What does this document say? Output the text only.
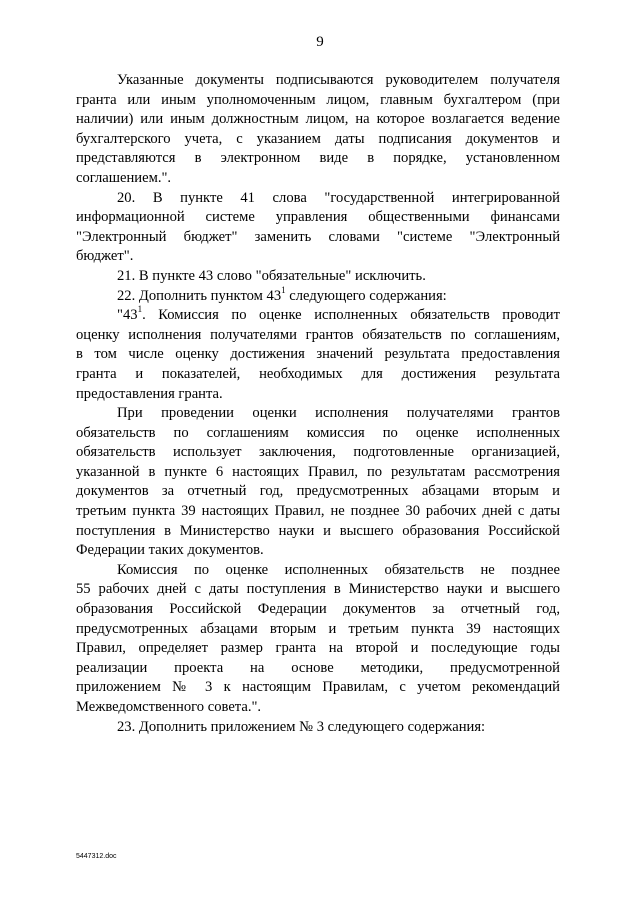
9

Указанные документы подписываются руководителем получателя

гранта или иным уполномоченным лицом, главным бухгалтером (при

наличии) или иным должностным лицом, на которое возлагается ведение

бухгалтерского учета, с указанием даты подписания документов и

представляются в электронном виде в порядке, установленном

соглашением.".

20. В пункте 41 слова "государственной интегрированной

информационной системе управления общественными финансами

"Электронный бюджет" заменить словами "системе "Электронный

бюджет".

21. В пункте 43 слово "обязательные" исключить.

22. Дополнить пунктом $43^1$ следующего содержания:

"$43^1$. Комиссия по оценке исполненных обязательств проводит

оценку исполнения получателями грантов обязательств по соглашениям,

в том числе оценку достижения значений результата предоставления

гранта и показателей, необходимых для достижения результата

предоставления гранта.

При проведении оценки исполнения получателями грантов

обязательств по соглашениям комиссия по оценке исполненных

обязательств использует заключения, подготовленные организацией,

указанной в пункте 6 настоящих Правил, по результатам рассмотрения

документов за отчетный год, предусмотренных абзацами вторым и

третьим пункта 39 настоящих Правил, не позднее 30 рабочих дней с даты

поступления в Министерство науки и высшего образования Российской

Федерации таких документов.

Комиссия по оценке исполненных обязательств не позднее

55 рабочих дней с даты поступления в Министерство науки и высшего

образования Российской Федерации документов за отчетный год,

предусмотренных абзацами вторым и третьим пункта 39 настоящих

Правил, определяет размер гранта на второй и последующие годы

реализации проекта на основе методики, предусмотренной

приложением № 3 к настоящим Правилам, с учетом рекомендаций

Межведомственного совета.".

23. Дополнить приложением № 3 следующего содержания:

5447312.doc
